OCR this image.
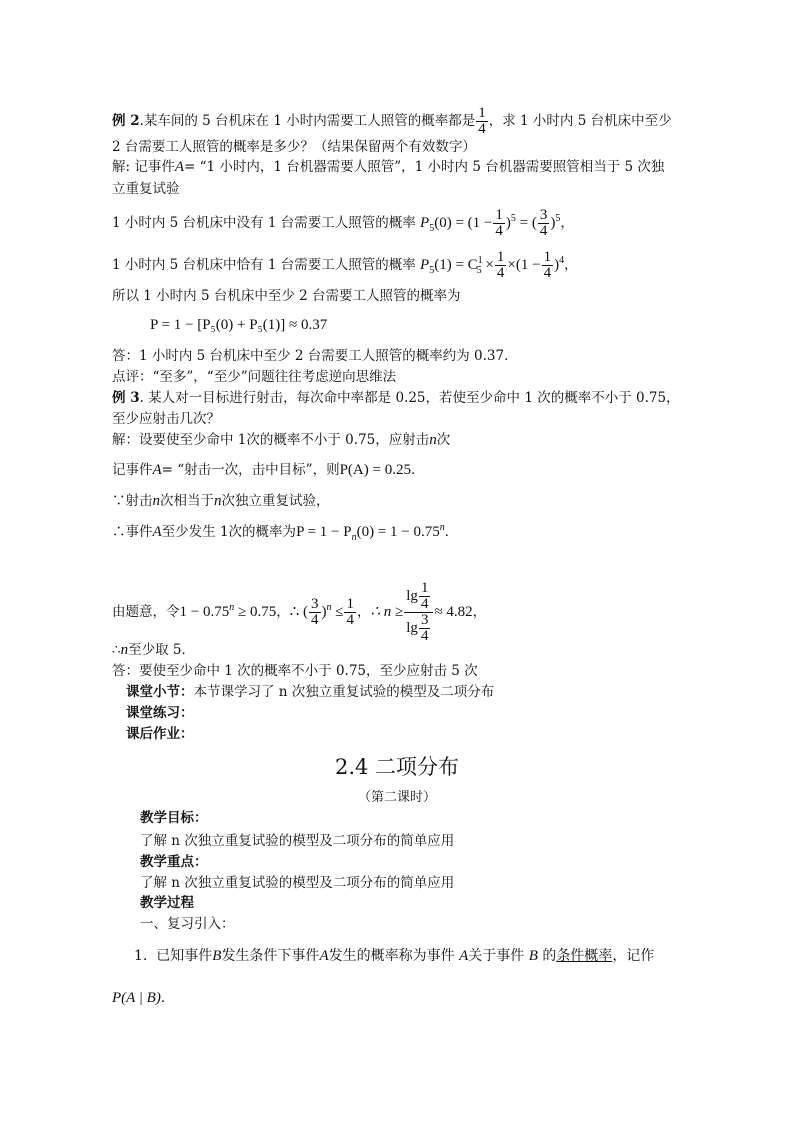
例 2.某车间的 5 台机床在 1 小时内需要工人照管的概率都是 $\frac{1}{4}$ ，求 1 小时内 5 台机床中至少
2 台需要工人照管的概率是多少？（结果保留两个有效数字）
解: 记事件A= “1 小时内，1 台机器需要人照管”，1 小时内 5 台机器需要照管相当于 5 次独
立重复试验
1 小时内 5 台机床中没有 1 台需要工人照管的概率 $P_5(0) = (1 - \frac{1}{4} )^5$ = ( $\frac{3}{4} )^5$，
1 小时内 5 台机床中恰有 1 台需要工人照管的概率 $P_5(1) = C^1_5 \times \frac{1}{4} \times(1 - \frac{1}{4} )^4$，
所以 1 小时内 5 台机床中至少 2 台需要工人照管的概率为
P = 1 − [P₅(0) + P₅(1)] ≈ 0.37
答：1 小时内 5 台机床中至少 2 台需要工人照管的概率约为 0.37．
点评：“至多”，“至少”问题往往考虑逆向思维法
例 3. 某人对一目标进行射击，每次命中率都是 0.25，若使至少命中 1 次的概率不小于 0.75，
至少应射击几次？
解：设要使至少命中 1次的概率不小于 0.75，应射击n次
记事件A= “射击一次，击中目标”，则P(A) = 0.25．
∵射击n次相当于n次独立重复试验，
∴事件A至少发生 1次的概率为$P = 1 - P_n(0) = 1 - 0.75^n$．
由题意，令$1 - 0.75^n \ge 0.75$，∴ ( $\frac{3}{4} )^n \le \frac{1}{4}$ ，∴ $n \ge \frac{\lg \frac{1}{4}}{\lg \frac{3}{4}} \approx 4.82$，
∴n至少取 5．
答：要使至少命中 1 次的概率不小于 0.75，至少应射击 5 次
课堂小节：本节课学习了 n 次独立重复试验的模型及二项分布
课堂练习：
课后作业：
2.4 二项分布
（第二课时）
教学目标：
了解 n 次独立重复试验的模型及二项分布的简单应用
教学重点：
了解 n 次独立重复试验的模型及二项分布的简单应用
教学过程
一、复习引入：
1. 已知事件B发生条件下事件A发生的概率称为事件 A关于事件 B 的条件概率，记作
P(A | B).
